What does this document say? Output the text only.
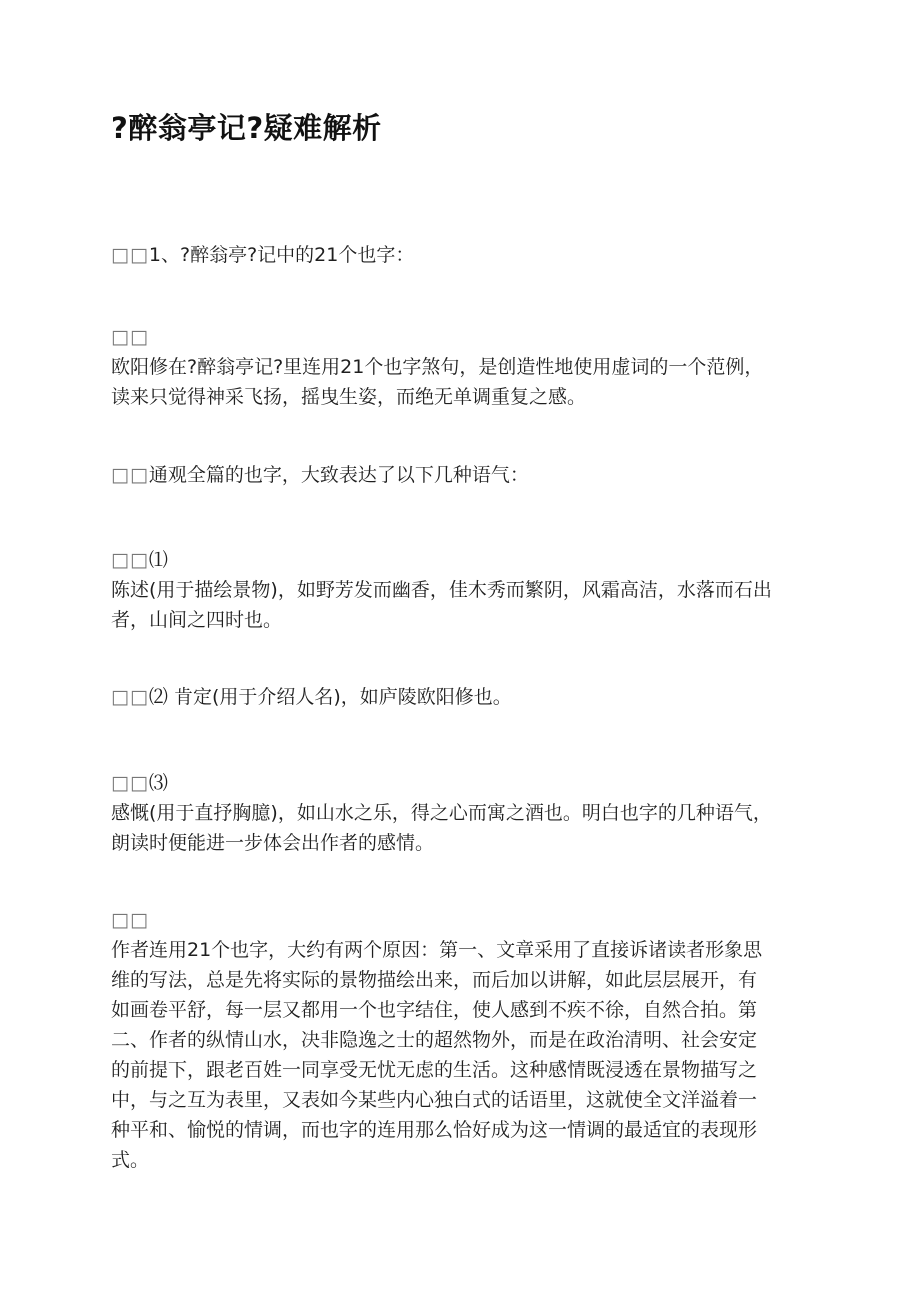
?醉翁亭记?疑难解析
□□1、?醉翁亭?记中的21个也字：
□□
欧阳修在?醉翁亭记?里连用21个也字煞句，是创造性地使用虚词的一个范例，
读来只觉得神采飞扬，摇曳生姿，而绝无单调重复之感。
□□通观全篇的也字，大致表达了以下几种语气：
□□⑴
陈述(用于描绘景物)，如野芳发而幽香，佳木秀而繁阴，风霜高洁，水落而石出
者，山间之四时也。
□□⑵ 肯定(用于介绍人名)，如庐陵欧阳修也。
□□⑶
感慨(用于直抒胸臆)，如山水之乐，得之心而寓之酒也。明白也字的几种语气，
朗读时便能进一步体会出作者的感情。
□□
作者连用21个也字，大约有两个原因：第一、文章采用了直接诉诸读者形象思
维的写法，总是先将实际的景物描绘出来，而后加以讲解，如此层层展开，有
如画卷平舒，每一层又都用一个也字结住，使人感到不疾不徐，自然合拍。第
二、作者的纵情山水，决非隐逸之士的超然物外，而是在政治清明、社会安定
的前提下，跟老百姓一同享受无忧无虑的生活。这种感情既浸透在景物描写之
中，与之互为表里，又表如今某些内心独白式的话语里，这就使全文洋溢着一
种平和、愉悦的情调，而也字的连用那么恰好成为这一情调的最适宜的表现形
式。
